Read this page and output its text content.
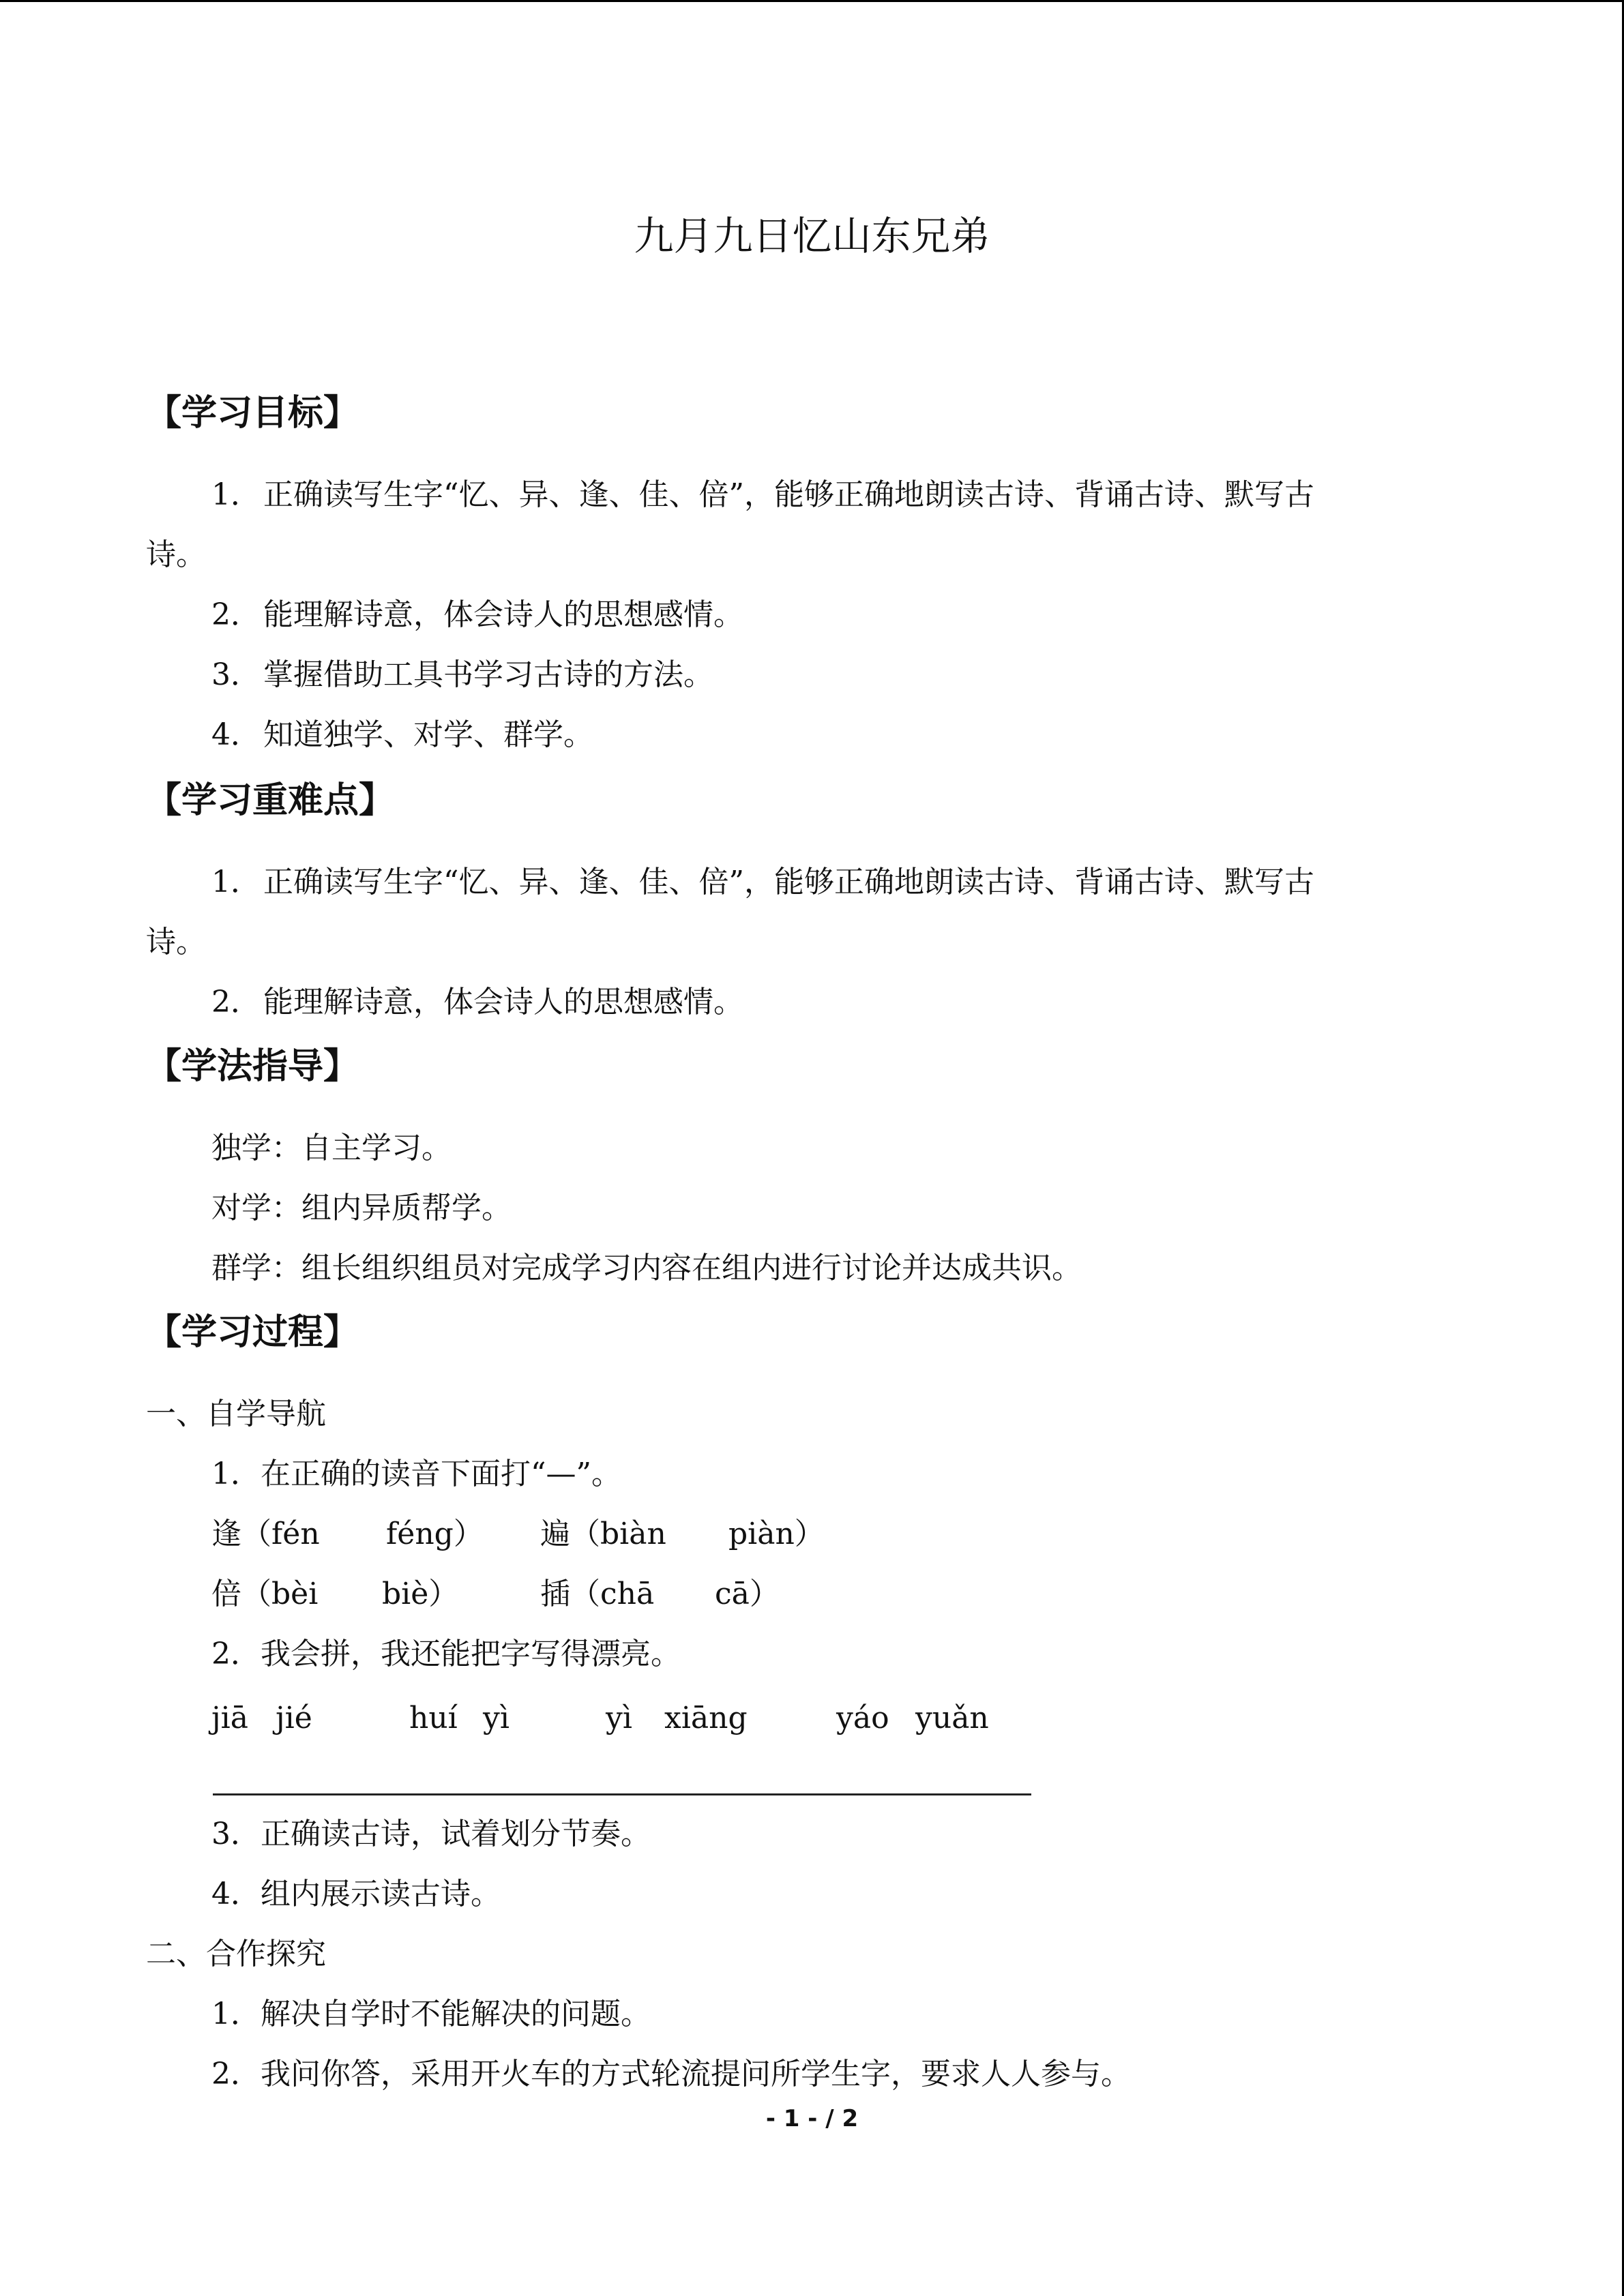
九月九日忆山东兄弟
【学习目标】
1．正确读写生字“忆、异、逢、佳、倍”，能够正确地朗读古诗、背诵古诗、默写古
诗。
2．能理解诗意，体会诗人的思想感情。
3．掌握借助工具书学习古诗的方法。
4．知道独学、对学、群学。
【学习重难点】
1．正确读写生字“忆、异、逢、佳、倍”，能够正确地朗读古诗、背诵古诗、默写古
诗。
2．能理解诗意，体会诗人的思想感情。
【学法指导】
独学：自主学习。
对学：组内异质帮学。
群学：组长组织组员对完成学习内容在组内进行讨论并达成共识。
【学习过程】
一、自学导航
1．在正确的读音下面打“—”。
逢（fén féng） 遍（biàn piàn）
倍（bèi biè）	插（chā cā）
2．我会拼，我还能把字写得漂亮。
jiā jié	huí yì	yì xiāng	yáo yuǎn
3．正确读古诗，试着划分节奏。
4．组内展示读古诗。
二、合作探究
1．解决自学时不能解决的问题。
2．我问你答，采用开火车的方式轮流提问所学生字，要求人人参与。
- 1 - / 2
